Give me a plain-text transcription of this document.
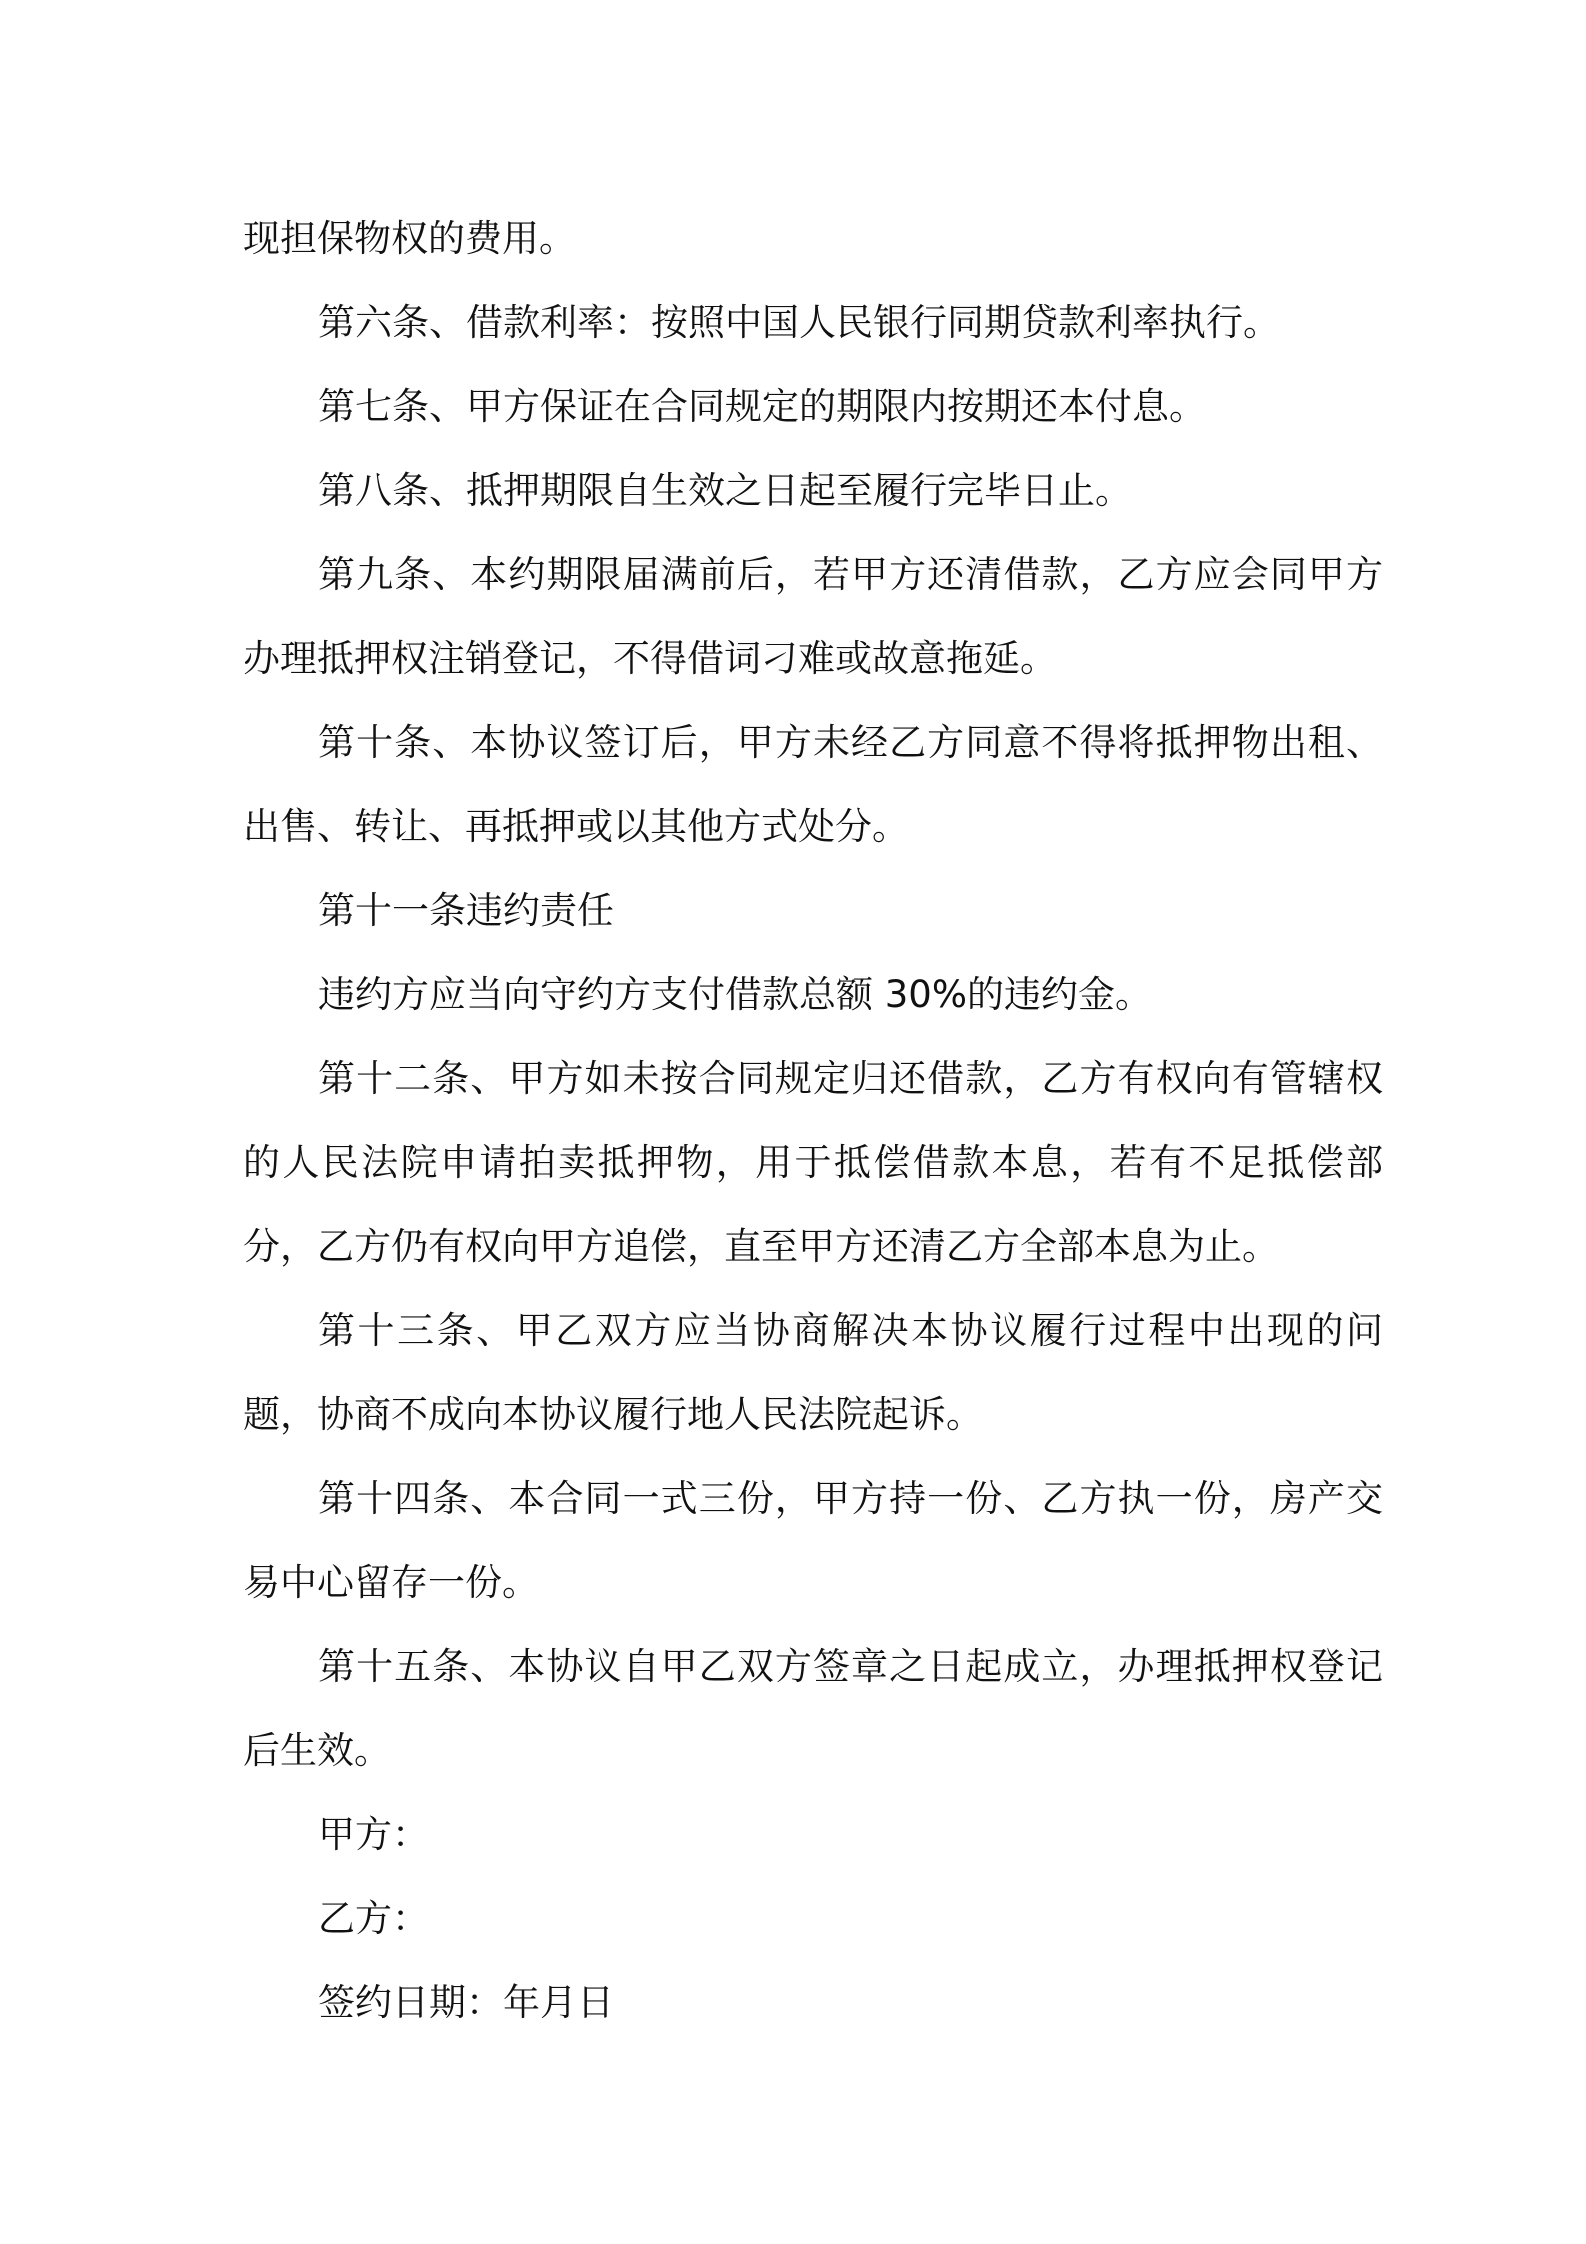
现担保物权的费用。

第六条、借款利率：按照中国人民银行同期贷款利率执行。

第七条、甲方保证在合同规定的期限内按期还本付息。

第八条、抵押期限自生效之日起至履行完毕日止。

第九条、本约期限届满前后，若甲方还清借款，乙方应会同甲方办理抵押权注销登记，不得借词刁难或故意拖延。

第十条、本协议签订后，甲方未经乙方同意不得将抵押物出租、出售、转让、再抵押或以其他方式处分。

第十一条违约责任

违约方应当向守约方支付借款总额 30%的违约金。

第十二条、甲方如未按合同规定归还借款，乙方有权向有管辖权的人民法院申请拍卖抵押物，用于抵偿借款本息，若有不足抵偿部分，乙方仍有权向甲方追偿，直至甲方还清乙方全部本息为止。

第十三条、甲乙双方应当协商解决本协议履行过程中出现的问题，协商不成向本协议履行地人民法院起诉。

第十四条、本合同一式三份，甲方持一份、乙方执一份，房产交易中心留存一份。

第十五条、本协议自甲乙双方签章之日起成立，办理抵押权登记后生效。

甲方：

乙方：

签约日期：年月日
